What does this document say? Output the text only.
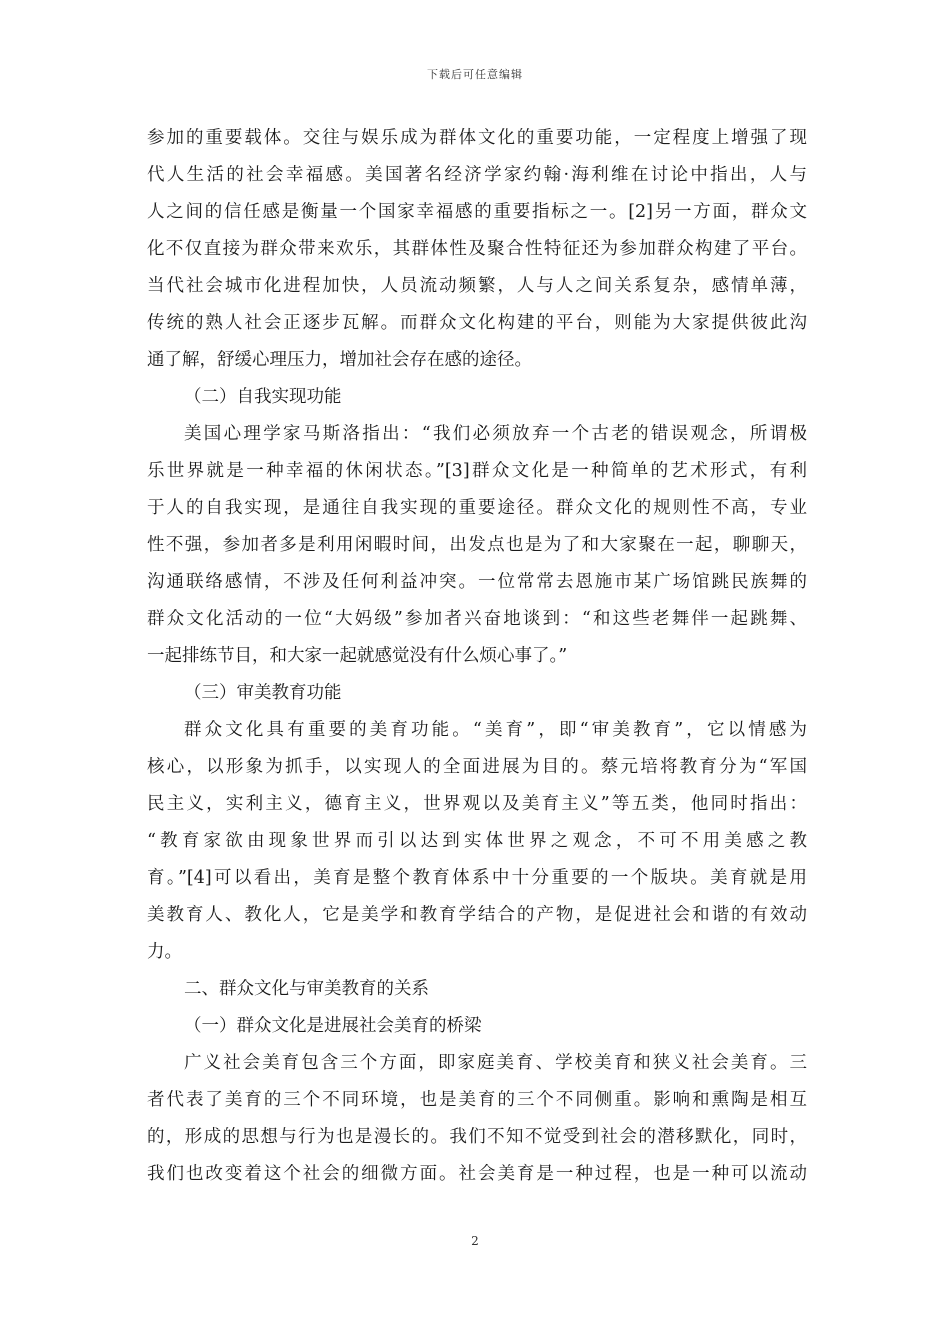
下载后可任意编辑
参加的重要载体。交往与娱乐成为群体文化的重要功能，一定程度上增强了现
代人生活的社会幸福感。美国著名经济学家约翰·海利维在讨论中指出，人与
人之间的信任感是衡量一个国家幸福感的重要指标之一。[2]另一方面，群众文
化不仅直接为群众带来欢乐，其群体性及聚合性特征还为参加群众构建了平台。
当代社会城市化进程加快，人员流动频繁，人与人之间关系复杂，感情单薄，
传统的熟人社会正逐步瓦解。而群众文化构建的平台，则能为大家提供彼此沟
通了解，舒缓心理压力，增加社会存在感的途径。
（二）自我实现功能
美国心理学家马斯洛指出：“我们必须放弃一个古老的错误观念，所谓极
乐世界就是一种幸福的休闲状态。”[3]群众文化是一种简单的艺术形式，有利
于人的自我实现，是通往自我实现的重要途径。群众文化的规则性不高，专业
性不强，参加者多是利用闲暇时间，出发点也是为了和大家聚在一起，聊聊天，
沟通联络感情，不涉及任何利益冲突。一位常常去恩施市某广场馆跳民族舞的
群众文化活动的一位“大妈级”参加者兴奋地谈到：“和这些老舞伴一起跳舞、
一起排练节目，和大家一起就感觉没有什么烦心事了。”
（三）审美教育功能
群众文化具有重要的美育功能。“美育”，即“审美教育”，它以情感为
核心，以形象为抓手，以实现人的全面进展为目的。蔡元培将教育分为“军国
民主义，实利主义，德育主义，世界观以及美育主义”等五类，他同时指出：
“教育家欲由现象世界而引以达到实体世界之观念，不可不用美感之教
育。”[4]可以看出，美育是整个教育体系中十分重要的一个版块。美育就是用
美教育人、教化人，它是美学和教育学结合的产物，是促进社会和谐的有效动
力。
二、群众文化与审美教育的关系
（一）群众文化是进展社会美育的桥梁
广义社会美育包含三个方面，即家庭美育、学校美育和狭义社会美育。三
者代表了美育的三个不同环境，也是美育的三个不同侧重。影响和熏陶是相互
的，形成的思想与行为也是漫长的。我们不知不觉受到社会的潜移默化，同时，
我们也改变着这个社会的细微方面。社会美育是一种过程，也是一种可以流动
2
